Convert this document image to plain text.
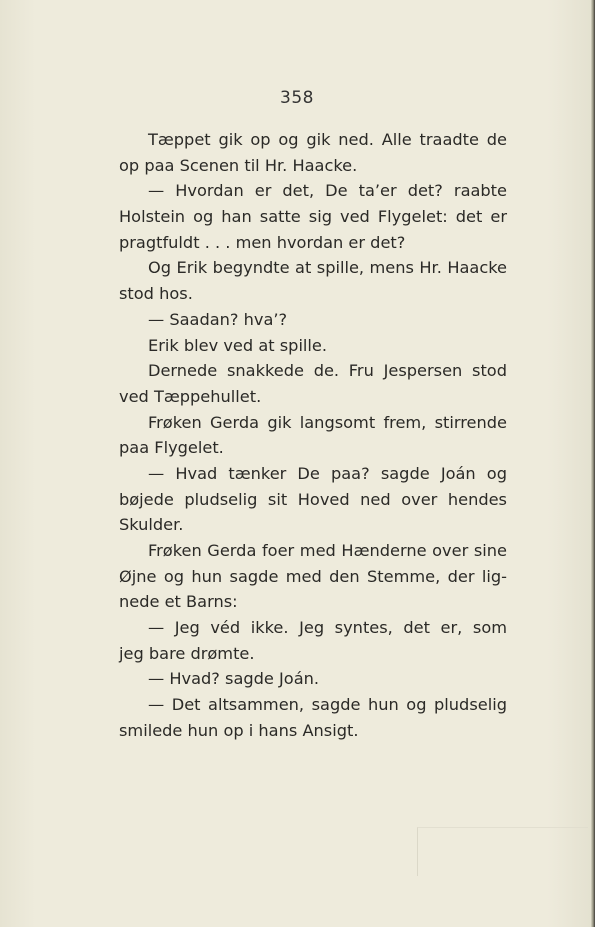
358
Tæppet gik op og gik ned. Alle traadte de
op paa Scenen til Hr. Haacke.
— Hvordan er det, De ta’er det? raabte
Holstein og han satte sig ved Flygelet: det er
pragtfuldt . . . men hvordan er det?
Og Erik begyndte at spille, mens Hr. Haacke
stod hos.
— Saadan? hva’?
Erik blev ved at spille.
Dernede snakkede de. Fru Jespersen stod
ved Tæppehullet.
Frøken Gerda gik langsomt frem, stirrende
paa Flygelet.
— Hvad tænker De paa? sagde Joán og
bøjede pludselig sit Hoved ned over hendes
Skulder.
Frøken Gerda foer med Hænderne over sine
Øjne og hun sagde med den Stemme, der lig-
nede et Barns:
— Jeg véd ikke. Jeg syntes, det er, som
jeg bare drømte.
— Hvad? sagde Joán.
— Det altsammen, sagde hun og pludselig
smilede hun op i hans Ansigt.
